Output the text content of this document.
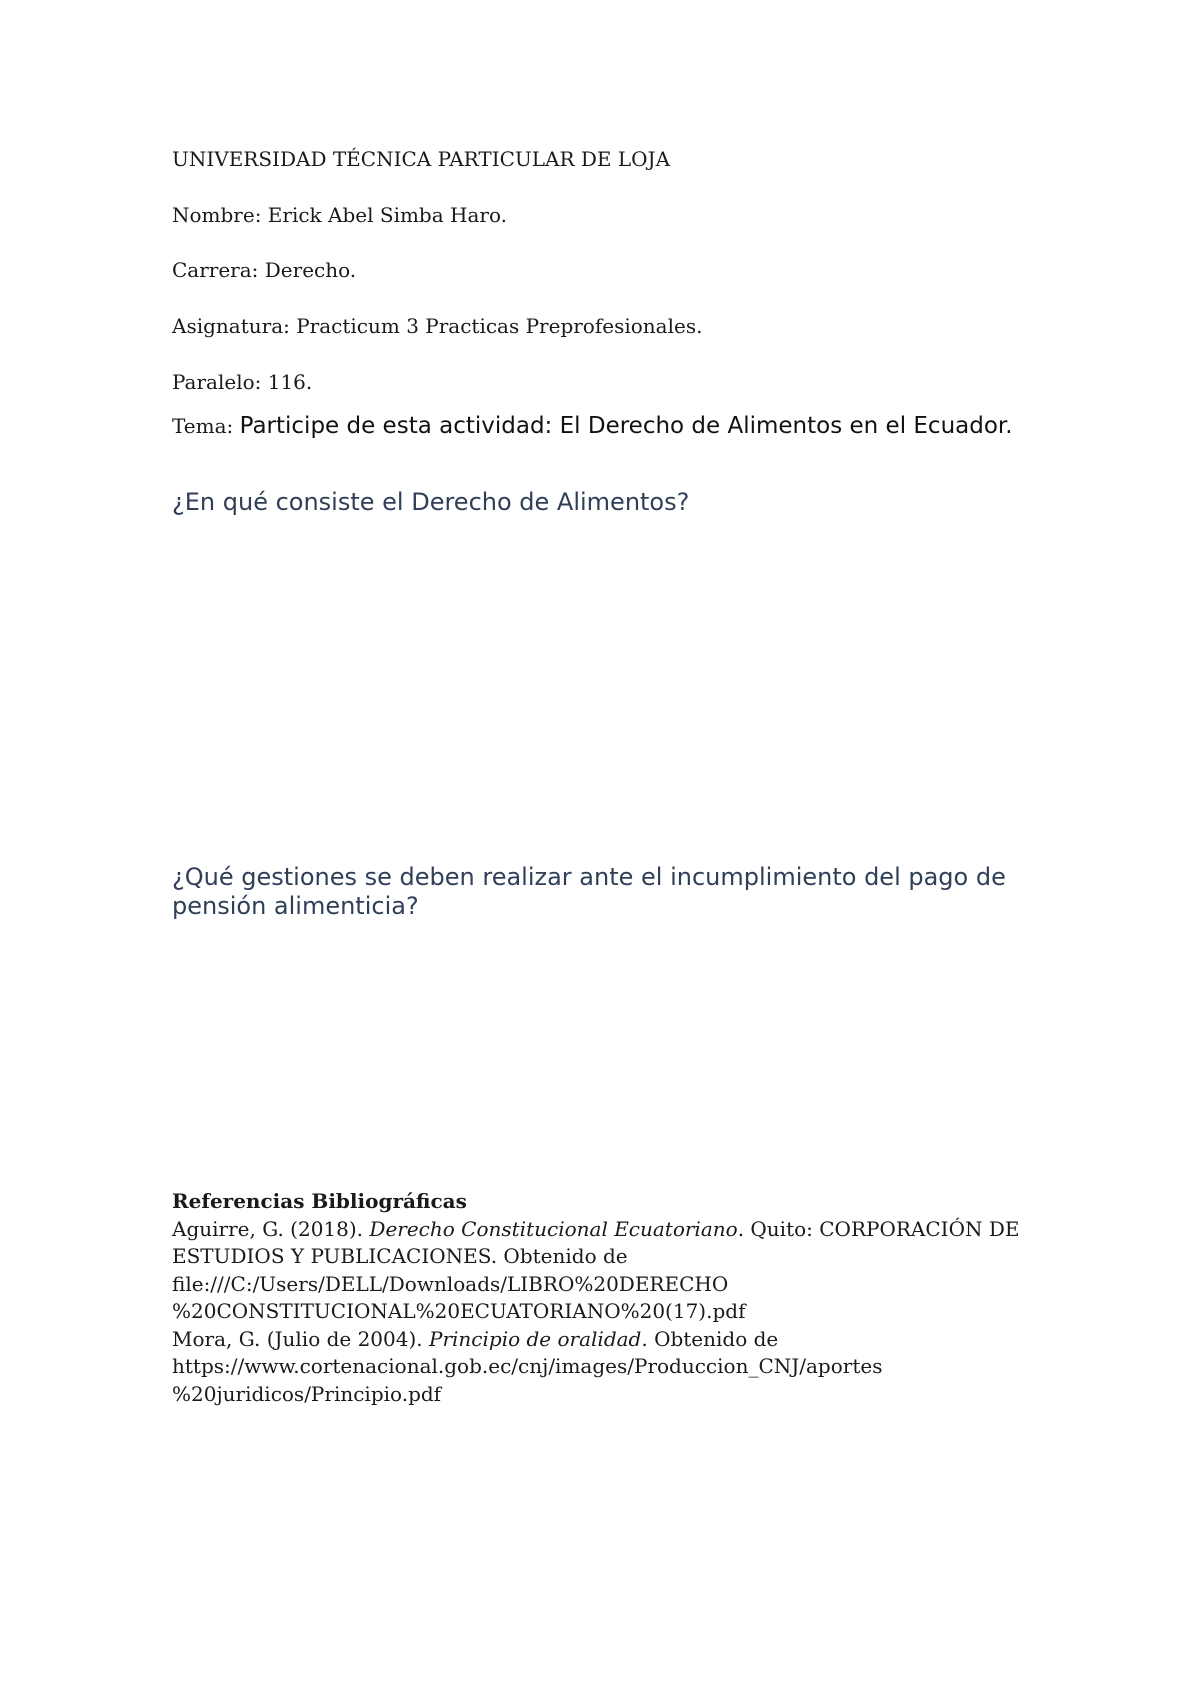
UNIVERSIDAD TÉCNICA PARTICULAR DE LOJA
Nombre: Erick Abel Simba Haro.
Carrera: Derecho.
Asignatura: Practicum 3 Practicas Preprofesionales.
Paralelo: 116.
Tema: Participe de esta actividad: El Derecho de Alimentos en el Ecuador.
¿En qué consiste el Derecho de Alimentos?
¿Qué gestiones se deben realizar ante el incumplimiento del pago de pensión alimenticia?
Referencias Bibliográficas
Aguirre, G. (2018). Derecho Constitucional Ecuatoriano. Quito: CORPORACIÓN DE
ESTUDIOS Y PUBLICACIONES. Obtenido de
file:///C:/Users/DELL/Downloads/LIBRO%20DERECHO
%20CONSTITUCIONAL%20ECUATORIANO%20(17).pdf
Mora, G. (Julio de 2004). Principio de oralidad. Obtenido de
https://www.cortenacional.gob.ec/cnj/images/Produccion_CNJ/aportes
%20juridicos/Principio.pdf
